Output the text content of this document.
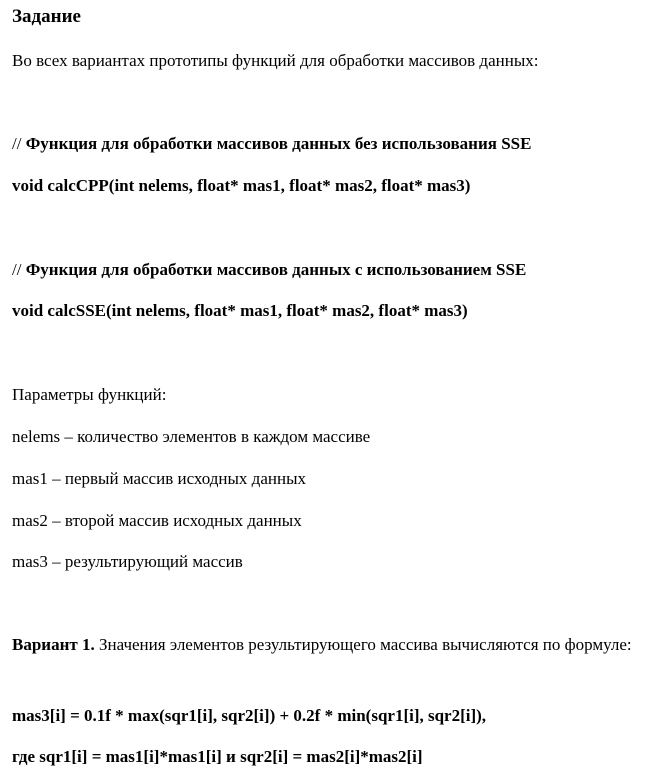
Задание
Во всех вариантах прототипы функций для обработки массивов данных:
// Функция для обработки массивов данных без использования SSE
void calcCPP(int nelems, float* mas1, float* mas2, float* mas3)
// Функция для обработки массивов данных с использованием SSE
void calcSSE(int nelems, float* mas1, float* mas2, float* mas3)
Параметры функций:
nelems – количество элементов в каждом массиве
mas1 – первый массив исходных данных
mas2 – второй массив исходных данных
mas3 – результирующий массив
Вариант 1. Значения элементов результирующего массива вычисляются по формуле:
mas3[i] = 0.1f * max(sqr1[i], sqr2[i]) + 0.2f * min(sqr1[i], sqr2[i]),
где sqr1[i] = mas1[i]*mas1[i] и sqr2[i] = mas2[i]*mas2[i]
